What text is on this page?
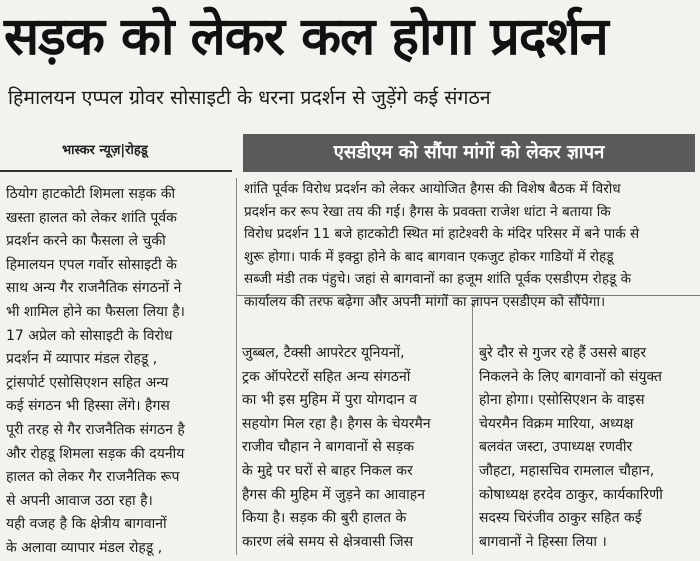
सड़क को लेकर कल होगा प्रदर्शन
हिमालयन एप्पल ग्रोवर सोसाइटी के धरना प्रदर्शन से जुड़ेंगे कई संगठन
भास्कर न्यूज़|रोहडू	एसडीएम को सौंपा मांगों को लेकर ज्ञापन
शांति पूर्वक विरोध प्रदर्शन को लेकर आयोजित हैगस की विशेष बैठक में विरोध
प्रदर्शन कर रूप रेखा तय की गई। हैगस के प्रवक्ता राजेश धांटा ने बताया कि
विरोध प्रदर्शन 11 बजे हाटकोटी स्थित मां हाटेश्वरी के मंदिर परिसर में बने पार्क से
शुरू होगा। पार्क में इक्ट्ठा होने के बाद बागवान एकजुट होकर गाडियों में रोहडू
सब्जी मंडी तक पंहुचे। जहां से बागवानों का हजूम शांति पूर्वक एसडीएम रोहडू के
कार्यालय की तरफ बढ़ेगा और अपनी मांगों का ज्ञापन एसडीएम को सौंपेगा।
ठियोग हाटकोटी शिमला सड़क की
खस्ता हालत को लेकर शांति पूर्वक
प्रदर्शन करने का फैसला ले चुकी
हिमालयन एपल गर्वोर सोसाइटी के
साथ अन्य गैर राजनैतिक संगठनों ने
भी शामिल होने का फैसला लिया है।
17 अप्रेल को सोसाइटी के विरोध
प्रदर्शन में व्यापार मंडल रोहडू ,
ट्रांसपोर्ट एसोसिएशन सहित अन्य
कई संगठन भी हिस्सा लेंगे। हैगस
पूरी तरह से गैर राजनैतिक संगठन है
और रोहडू शिमला सड़क की दयनीय
हालत को लेकर गैर राजनैतिक रूप
से अपनी आवाज उठा रहा है।
यही वजह है कि क्षेत्रीय बागवानों
के अलावा व्यापार मंडल रोहडू ,
जुब्बल, टैक्सी आपरेटर यूनियनों,
ट्रक ऑपरेटरों सहित अन्य संगठनों
का भी इस मुहिम में पुरा योगदान व
सहयोग मिल रहा है। हैगस के चेयरमैन
राजीव चौहान ने बागवानों से सड़क
के मुद्दे पर घरों से बाहर निकल कर
हैगस की मुहिम में जुड़ने का आवाहन
किया है। सड़क की बुरी हालत के
कारण लंबे समय से क्षेत्रवासी जिस
बुरे दौर से गुजर रहे हैं उससे बाहर
निकलने के लिए बागवानों को संयुक्त
होना होगा। एसोसिएशन के वाइस
चेयरमैन विक्रम मारिया, अध्यक्ष
बलवंत जस्टा, उपाध्यक्ष रणवीर
जौहटा, महासचिव रामलाल चौहान,
कोषाध्यक्ष हरदेव ठाकुर, कार्यकारिणी
सदस्य चिरंजीव ठाकुर सहित कई
बागवानों ने हिस्सा लिया ।
